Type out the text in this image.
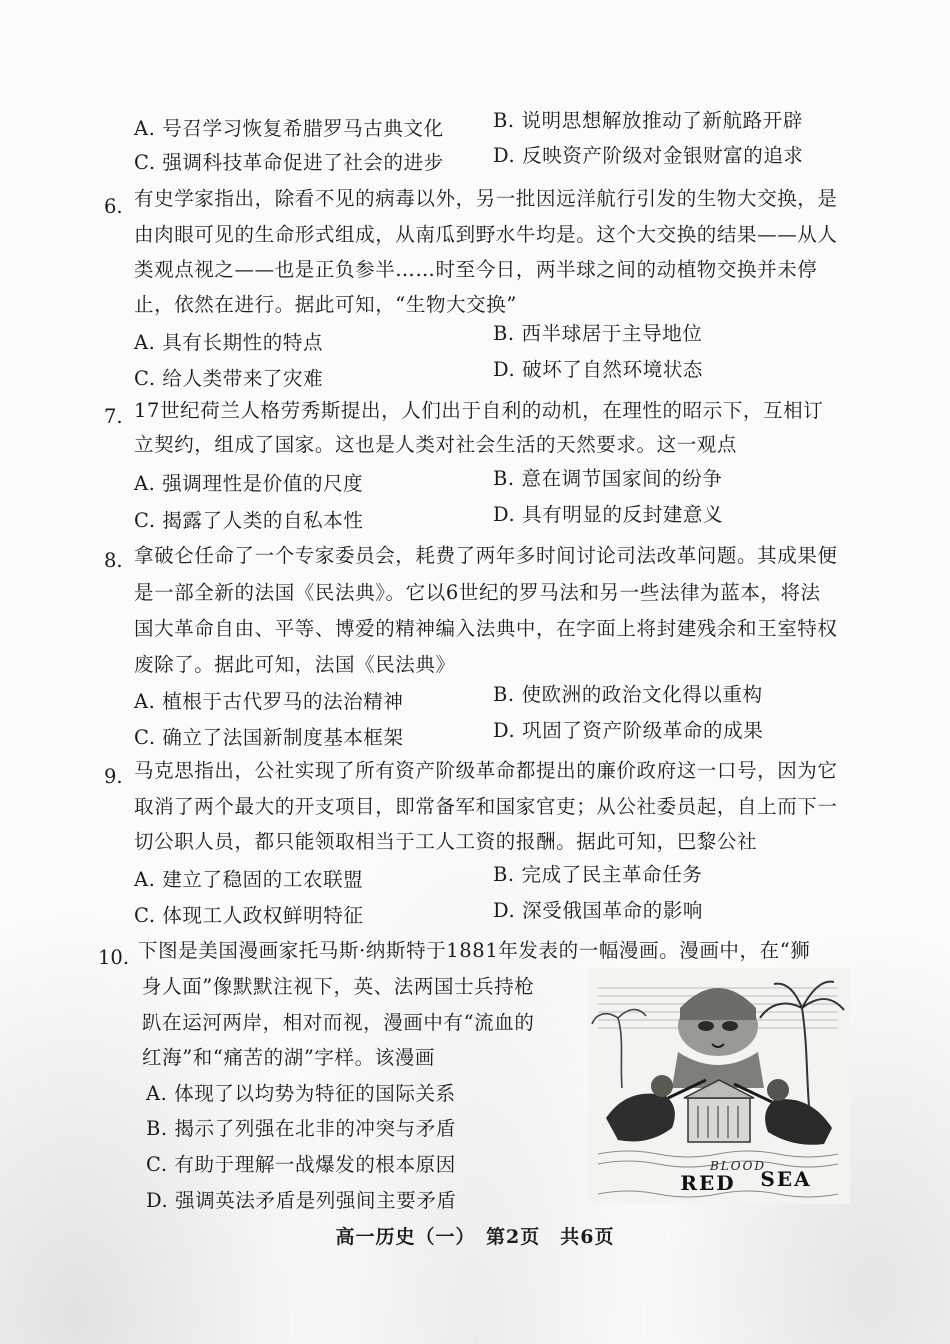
A. 号召学习恢复希腊罗马古典文化	B. 说明思想解放推动了新航路开辟
C. 强调科技革命促进了社会的进步	D. 反映资产阶级对金银财富的追求
6. 有史学家指出，除看不见的病毒以外，另一批因远洋航行引发的生物大交换，是
由肉眼可见的生命形式组成，从南瓜到野水牛均是。这个大交换的结果——从人
类观点视之——也是正负参半……时至今日，两半球之间的动植物交换并未停
止，依然在进行。据此可知，“生物大交换”
A. 具有长期性的特点	B. 西半球居于主导地位
C. 给人类带来了灾难	D. 破坏了自然环境状态
7. 17世纪荷兰人格劳秀斯提出，人们出于自利的动机，在理性的昭示下，互相订
立契约，组成了国家。这也是人类对社会生活的天然要求。这一观点
A. 强调理性是价值的尺度	B. 意在调节国家间的纷争
C. 揭露了人类的自私本性	D. 具有明显的反封建意义
8. 拿破仑任命了一个专家委员会，耗费了两年多时间讨论司法改革问题。其成果便
是一部全新的法国《民法典》。它以6世纪的罗马法和另一些法律为蓝本，将法
国大革命自由、平等、博爱的精神编入法典中，在字面上将封建残余和王室特权
废除了。据此可知，法国《民法典》
A. 植根于古代罗马的法治精神	B. 使欧洲的政治文化得以重构
C. 确立了法国新制度基本框架	D. 巩固了资产阶级革命的成果
9. 马克思指出，公社实现了所有资产阶级革命都提出的廉价政府这一口号，因为它
取消了两个最大的开支项目，即常备军和国家官吏；从公社委员起，自上而下一
切公职人员，都只能领取相当于工人工资的报酬。据此可知，巴黎公社
A. 建立了稳固的工农联盟	B. 完成了民主革命任务
C. 体现工人政权鲜明特征	D. 深受俄国革命的影响
10. 下图是美国漫画家托马斯·纳斯特于1881年发表的一幅漫画。漫画中，在“狮
身人面”像默默注视下，英、法两国士兵持枪
趴在运河两岸，相对而视，漫画中有“流血的
红海”和“痛苦的湖”字样。该漫画
A. 体现了以均势为特征的国际关系
B. 揭示了列强在北非的冲突与矛盾
C. 有助于理解一战爆发的根本原因
D. 强调英法矛盾是列强间主要矛盾
BLOOD
RED SEA
高一历史（一）　第2页　共6页
